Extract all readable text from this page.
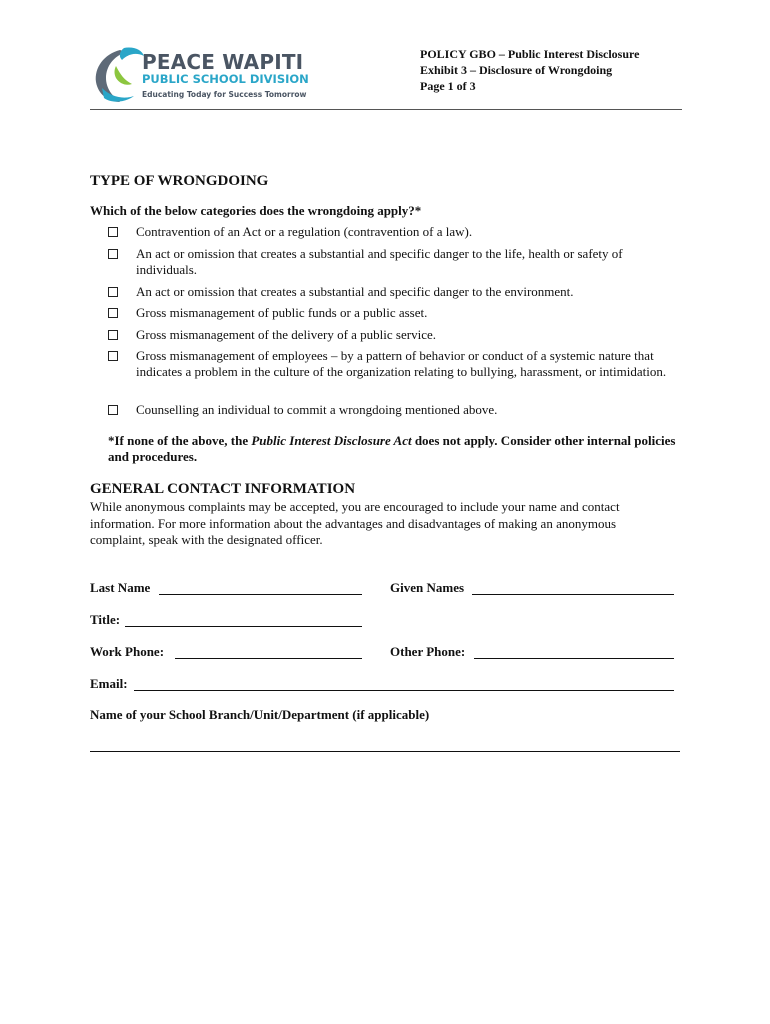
PEACE WAPITI
PUBLIC SCHOOL DIVISION
Educating Today for Success Tomorrow
POLICY GBO – Public Interest Disclosure
Exhibit 3 – Disclosure of Wrongdoing
Page 1 of 3
TYPE OF WRONGDOING
Which of the below categories does the wrongdoing apply?*
Contravention of an Act or a regulation (contravention of a law).
An act or omission that creates a substantial and specific danger to the life, health or safety of individuals.
An act or omission that creates a substantial and specific danger to the environment.
Gross mismanagement of public funds or a public asset.
Gross mismanagement of the delivery of a public service.
Gross mismanagement of employees – by a pattern of behavior or conduct of a systemic nature that indicates a problem in the culture of the organization relating to bullying, harassment, or intimidation.
Counselling an individual to commit a wrongdoing mentioned above.
*If none of the above, the Public Interest Disclosure Act does not apply. Consider other internal policies and procedures.
GENERAL CONTACT INFORMATION
While anonymous complaints may be accepted, you are encouraged to include your name and contact information. For more information about the advantages and disadvantages of making an anonymous complaint, speak with the designated officer.
Last Name	Given Names
Title:
Work Phone:	Other Phone:
Email:
Name of your School Branch/Unit/Department (if applicable)
